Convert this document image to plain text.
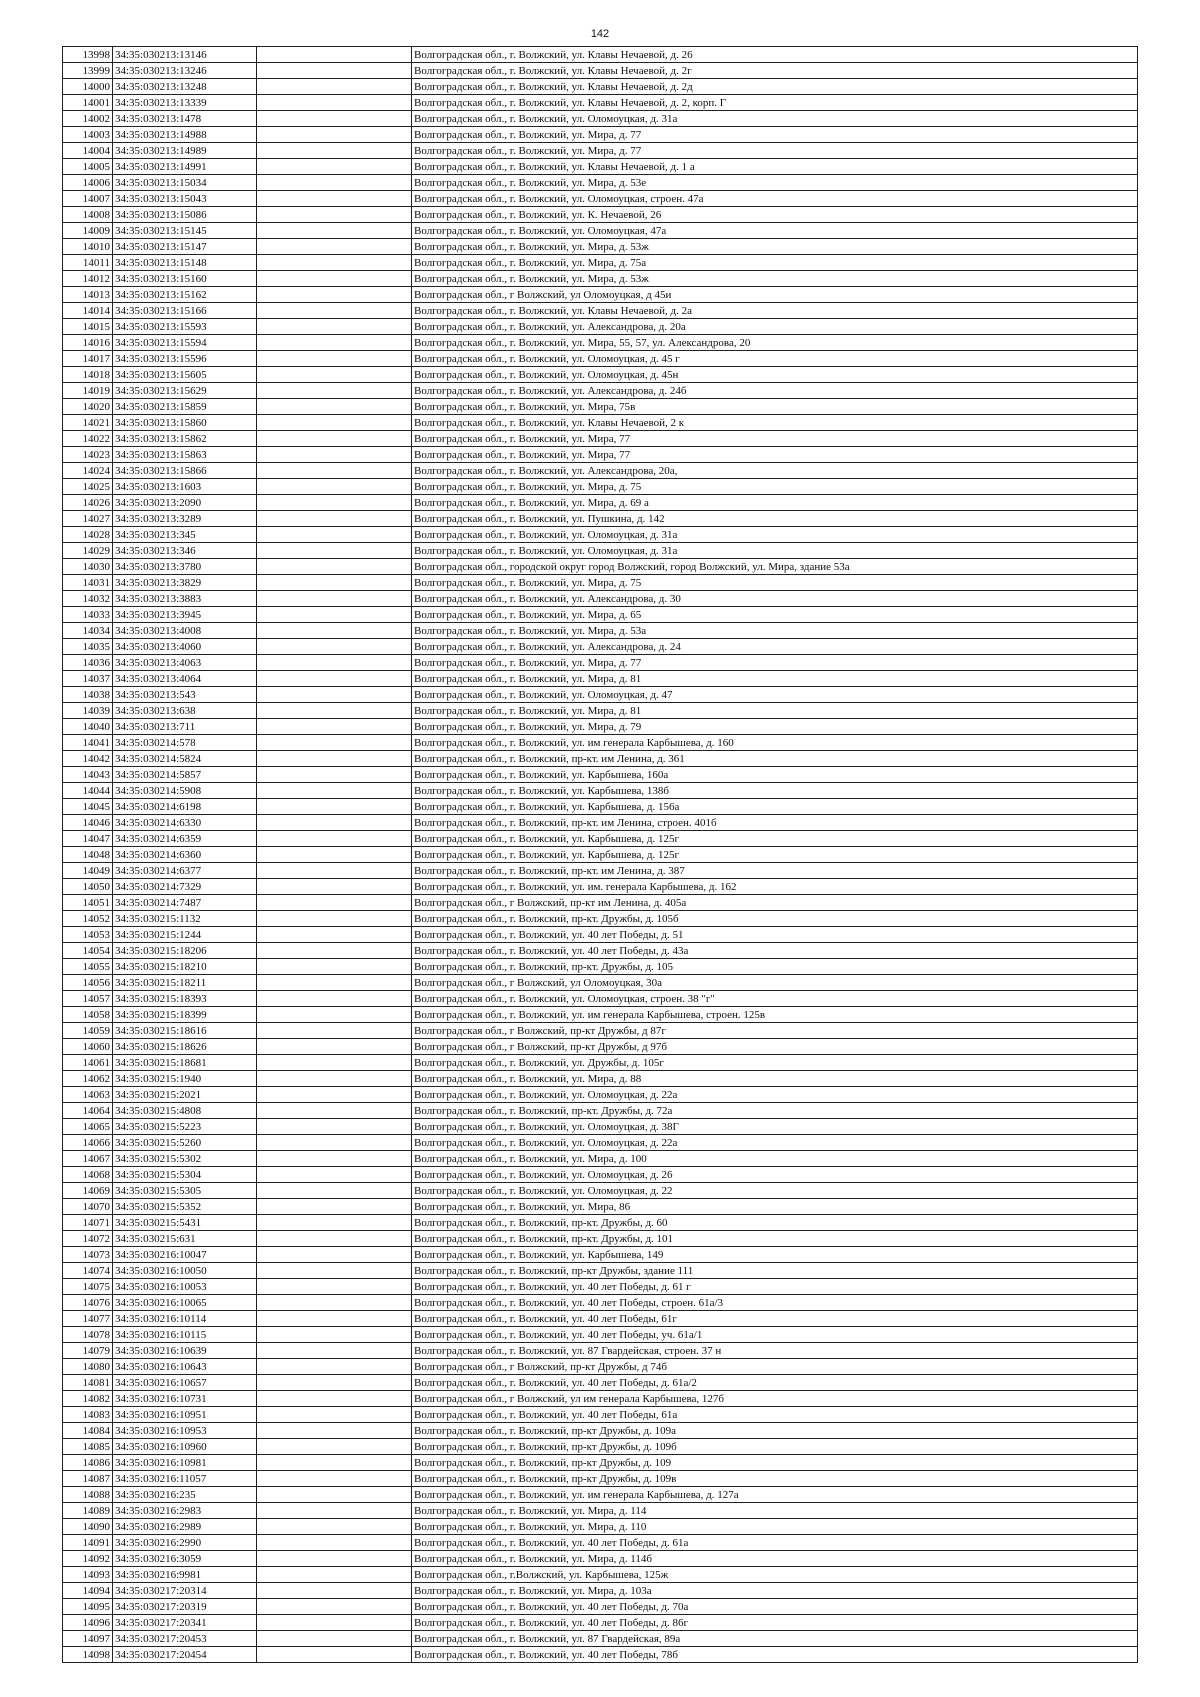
142
13998	34:35:030213:13146		Волгоградская обл., г. Волжский, ул. Клавы Нечаевой, д. 26
13999	34:35:030213:13246		Волгоградская обл., г. Волжский, ул. Клавы Нечаевой, д. 2г
14000	34:35:030213:13248		Волгоградская обл., г. Волжский, ул. Клавы Нечаевой, д. 2д
14001	34:35:030213:13339		Волгоградская обл., г. Волжский, ул. Клавы Нечаевой, д. 2, корп. Г
14002	34:35:030213:1478		Волгоградская обл., г. Волжский, ул. Оломоуцкая, д. 31а
14003	34:35:030213:14988		Волгоградская обл., г. Волжский, ул. Мира, д. 77
14004	34:35:030213:14989		Волгоградская обл., г. Волжский, ул. Мира, д. 77
14005	34:35:030213:14991		Волгоградская обл., г. Волжский, ул. Клавы Нечаевой, д. 1 а
14006	34:35:030213:15034		Волгоградская обл., г. Волжский, ул. Мира, д. 53е
14007	34:35:030213:15043		Волгоградская обл., г. Волжский, ул. Оломоуцкая, строен. 47а
14008	34:35:030213:15086		Волгоградская обл., г. Волжский, ул. К. Нечаевой, 26
14009	34:35:030213:15145		Волгоградская обл., г. Волжский, ул. Оломоуцкая, 47а
14010	34:35:030213:15147		Волгоградская обл., г. Волжский, ул. Мира, д. 53ж
14011	34:35:030213:15148		Волгоградская обл., г. Волжский, ул. Мира, д. 75а
14012	34:35:030213:15160		Волгоградская обл., г. Волжский, ул. Мира, д. 53ж
14013	34:35:030213:15162		Волгоградская обл., г Волжский, ул Оломоуцкая, д 45и
14014	34:35:030213:15166		Волгоградская обл., г. Волжский, ул. Клавы Нечаевой, д. 2а
14015	34:35:030213:15593		Волгоградская обл., г. Волжский, ул. Александрова, д. 20а
14016	34:35:030213:15594		Волгоградская обл., г. Волжский, ул. Мира, 55, 57, ул. Александрова, 20
14017	34:35:030213:15596		Волгоградская обл., г. Волжский, ул. Оломоуцкая, д. 45 г
14018	34:35:030213:15605		Волгоградская обл., г. Волжский, ул. Оломоуцкая, д. 45н
14019	34:35:030213:15629		Волгоградская обл., г. Волжский, ул. Александрова, д. 24б
14020	34:35:030213:15859		Волгоградская обл., г. Волжский, ул. Мира, 75в
14021	34:35:030213:15860		Волгоградская обл., г. Волжский, ул. Клавы Нечаевой, 2 к
14022	34:35:030213:15862		Волгоградская обл., г. Волжский, ул. Мира, 77
14023	34:35:030213:15863		Волгоградская обл., г. Волжский, ул. Мира, 77
14024	34:35:030213:15866		Волгоградская обл., г. Волжский, ул. Александрова, 20а,
14025	34:35:030213:1603		Волгоградская обл., г. Волжский, ул. Мира, д. 75
14026	34:35:030213:2090		Волгоградская обл., г. Волжский, ул. Мира, д. 69 а
14027	34:35:030213:3289		Волгоградская обл., г. Волжский, ул. Пушкина, д. 142
14028	34:35:030213:345		Волгоградская обл., г. Волжский, ул. Оломоуцкая, д. 31а
14029	34:35:030213:346		Волгоградская обл., г. Волжский, ул. Оломоуцкая, д. 31а
14030	34:35:030213:3780		Волгоградская обл., городской округ город Волжский, город Волжский, ул. Мира, здание 53а
14031	34:35:030213:3829		Волгоградская обл., г. Волжский, ул. Мира, д. 75
14032	34:35:030213:3883		Волгоградская обл., г. Волжский, ул. Александрова, д. 30
14033	34:35:030213:3945		Волгоградская обл., г. Волжский, ул. Мира, д. 65
14034	34:35:030213:4008		Волгоградская обл., г. Волжский, ул. Мира, д. 53а
14035	34:35:030213:4060		Волгоградская обл., г. Волжский, ул. Александрова, д. 24
14036	34:35:030213:4063		Волгоградская обл., г. Волжский, ул. Мира, д. 77
14037	34:35:030213:4064		Волгоградская обл., г. Волжский, ул. Мира, д. 81
14038	34:35:030213:543		Волгоградская обл., г. Волжский, ул. Оломоуцкая, д. 47
14039	34:35:030213:638		Волгоградская обл., г. Волжский, ул. Мира, д. 81
14040	34:35:030213:711		Волгоградская обл., г. Волжский, ул. Мира, д. 79
14041	34:35:030214:578		Волгоградская обл., г. Волжский, ул. им генерала Карбышева, д. 160
14042	34:35:030214:5824		Волгоградская обл., г. Волжский, пр-кт. им Ленина, д. 361
14043	34:35:030214:5857		Волгоградская обл., г. Волжский, ул. Карбышева, 160а
14044	34:35:030214:5908		Волгоградская обл., г. Волжский, ул. Карбышева, 138б
14045	34:35:030214:6198		Волгоградская обл., г. Волжский, ул. Карбышева, д. 156а
14046	34:35:030214:6330		Волгоградская обл., г. Волжский, пр-кт. им Ленина, строен. 401б
14047	34:35:030214:6359		Волгоградская обл., г. Волжский, ул. Карбышева, д. 125г
14048	34:35:030214:6360		Волгоградская обл., г. Волжский, ул. Карбышева, д. 125г
14049	34:35:030214:6377		Волгоградская обл., г. Волжский, пр-кт. им Ленина, д. 387
14050	34:35:030214:7329		Волгоградская обл., г. Волжский, ул. им. генерала Карбышева, д. 162
14051	34:35:030214:7487		Волгоградская обл., г Волжский, пр-кт им Ленина, д. 405а
14052	34:35:030215:1132		Волгоградская обл., г. Волжский, пр-кт. Дружбы, д. 105б
14053	34:35:030215:1244		Волгоградская обл., г. Волжский, ул. 40 лет Победы, д. 51
14054	34:35:030215:18206		Волгоградская обл., г. Волжский, ул. 40 лет Победы, д. 43а
14055	34:35:030215:18210		Волгоградская обл., г. Волжский, пр-кт. Дружбы, д. 105
14056	34:35:030215:18211		Волгоградская обл., г Волжский, ул Оломоуцкая, 30а
14057	34:35:030215:18393		Волгоградская обл., г. Волжский, ул. Оломоуцкая, строен. 38 "г"
14058	34:35:030215:18399		Волгоградская обл., г. Волжский, ул. им генерала Карбышева, строен. 125в
14059	34:35:030215:18616		Волгоградская обл., г Волжский, пр-кт Дружбы, д 87г
14060	34:35:030215:18626		Волгоградская обл., г Волжский, пр-кт Дружбы, д 97б
14061	34:35:030215:18681		Волгоградская обл., г. Волжский, ул. Дружбы, д. 105г
14062	34:35:030215:1940		Волгоградская обл., г. Волжский, ул. Мира, д. 88
14063	34:35:030215:2021		Волгоградская обл., г. Волжский, ул. Оломоуцкая, д. 22а
14064	34:35:030215:4808		Волгоградская обл., г. Волжский, пр-кт. Дружбы, д. 72а
14065	34:35:030215:5223		Волгоградская обл., г. Волжский, ул. Оломоуцкая, д. 38Г
14066	34:35:030215:5260		Волгоградская обл., г. Волжский, ул. Оломоуцкая, д. 22а
14067	34:35:030215:5302		Волгоградская обл., г. Волжский, ул. Мира, д. 100
14068	34:35:030215:5304		Волгоградская обл., г. Волжский, ул. Оломоуцкая, д. 26
14069	34:35:030215:5305		Волгоградская обл., г. Волжский, ул. Оломоуцкая, д. 22
14070	34:35:030215:5352		Волгоградская обл., г. Волжский, ул. Мира, 86
14071	34:35:030215:5431		Волгоградская обл., г. Волжский, пр-кт. Дружбы, д. 60
14072	34:35:030215:631		Волгоградская обл., г. Волжский, пр-кт. Дружбы, д. 101
14073	34:35:030216:10047		Волгоградская обл., г. Волжский, ул. Карбышева, 149
14074	34:35:030216:10050		Волгоградская обл., г. Волжский, пр-кт Дружбы, здание 111
14075	34:35:030216:10053		Волгоградская обл., г. Волжский, ул. 40 лет Победы, д. 61 г
14076	34:35:030216:10065		Волгоградская обл., г. Волжский, ул. 40 лет Победы, строен. 61а/3
14077	34:35:030216:10114		Волгоградская обл., г. Волжский, ул. 40 лет Победы, 61г
14078	34:35:030216:10115		Волгоградская обл., г. Волжский, ул. 40 лет Победы, уч. 61а/1
14079	34:35:030216:10639		Волгоградская обл., г. Волжский, ул. 87 Гвардейская, строен. 37 н
14080	34:35:030216:10643		Волгоградская обл., г Волжский, пр-кт Дружбы, д 74б
14081	34:35:030216:10657		Волгоградская обл., г. Волжский, ул. 40 лет Победы, д. 61а/2
14082	34:35:030216:10731		Волгоградская обл., г Волжский, ул им генерала Карбышева, 127б
14083	34:35:030216:10951		Волгоградская обл., г. Волжский, ул. 40 лет Победы, 61а
14084	34:35:030216:10953		Волгоградская обл., г. Волжский, пр-кт Дружбы, д. 109а
14085	34:35:030216:10960		Волгоградская обл., г. Волжский, пр-кт Дружбы, д. 109б
14086	34:35:030216:10981		Волгоградская обл., г. Волжский, пр-кт Дружбы, д. 109
14087	34:35:030216:11057		Волгоградская обл., г. Волжский, пр-кт Дружбы, д. 109в
14088	34:35:030216:235		Волгоградская обл., г. Волжский, ул. им генерала Карбышева, д. 127а
14089	34:35:030216:2983		Волгоградская обл., г. Волжский, ул. Мира, д. 114
14090	34:35:030216:2989		Волгоградская обл., г. Волжский, ул. Мира, д. 110
14091	34:35:030216:2990		Волгоградская обл., г. Волжский, ул. 40 лет Победы, д. 61а
14092	34:35:030216:3059		Волгоградская обл., г. Волжский, ул. Мира, д. 114б
14093	34:35:030216:9981		Волгоградская обл., г.Волжский, ул. Карбышева, 125ж
14094	34:35:030217:20314		Волгоградская обл., г. Волжский, ул. Мира, д. 103а
14095	34:35:030217:20319		Волгоградская обл., г. Волжский, ул. 40 лет Победы, д. 70а
14096	34:35:030217:20341		Волгоградская обл., г. Волжский, ул. 40 лет Победы, д. 86г
14097	34:35:030217:20453		Волгоградская обл., г. Волжский, ул. 87 Гвардейская, 89а
14098	34:35:030217:20454		Волгоградская обл., г. Волжский, ул. 40 лет Победы, 78б
